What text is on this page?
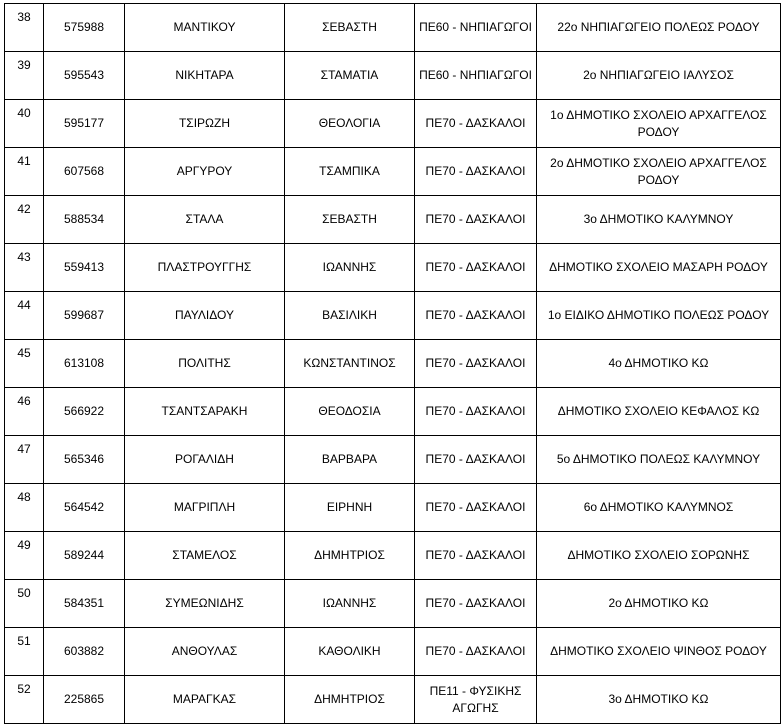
38	575988	ΜΑΝΤΙΚΟΥ	ΣΕΒΑΣΤΗ	ΠΕ60 - ΝΗΠΙΑΓΩΓΟΙ	22ο ΝΗΠΙΑΓΩΓΕΙΟ ΠΟΛΕΩΣ ΡΟΔΟΥ
39	595543	ΝΙΚΗΤΑΡΑ	ΣΤΑΜΑΤΙΑ	ΠΕ60 - ΝΗΠΙΑΓΩΓΟΙ	2ο ΝΗΠΙΑΓΩΓΕΙΟ ΙΑΛΥΣΟΣ
40	595177	ΤΣΙΡΩΖΗ	ΘΕΟΛΟΓΙΑ	ΠΕ70 - ΔΑΣΚΑΛΟΙ	1ο ΔΗΜΟΤΙΚΟ ΣΧΟΛΕΙΟ ΑΡΧΑΓΓΕΛΟΣ ΡΟΔΟΥ
41	607568	ΑΡΓΥΡΟΥ	ΤΣΑΜΠΙΚΑ	ΠΕ70 - ΔΑΣΚΑΛΟΙ	2ο ΔΗΜΟΤΙΚΟ ΣΧΟΛΕΙΟ ΑΡΧΑΓΓΕΛΟΣ ΡΟΔΟΥ
42	588534	ΣΤΑΛΑ	ΣΕΒΑΣΤΗ	ΠΕ70 - ΔΑΣΚΑΛΟΙ	3ο ΔΗΜΟΤΙΚΟ ΚΑΛΥΜΝΟΥ
43	559413	ΠΛΑΣΤΡΟΥΓΓΗΣ	ΙΩΑΝΝΗΣ	ΠΕ70 - ΔΑΣΚΑΛΟΙ	ΔΗΜΟΤΙΚΟ ΣΧΟΛΕΙΟ ΜΑΣΑΡΗ ΡΟΔΟΥ
44	599687	ΠΑΥΛΙΔΟΥ	ΒΑΣΙΛΙΚΗ	ΠΕ70 - ΔΑΣΚΑΛΟΙ	1ο ΕΙΔΙΚΟ ΔΗΜΟΤΙΚΟ ΠΟΛΕΩΣ ΡΟΔΟΥ
45	613108	ΠΟΛΙΤΗΣ	ΚΩΝΣΤΑΝΤΙΝΟΣ	ΠΕ70 - ΔΑΣΚΑΛΟΙ	4ο ΔΗΜΟΤΙΚΟ ΚΩ
46	566922	ΤΣΑΝΤΣΑΡΑΚΗ	ΘΕΟΔΟΣΙΑ	ΠΕ70 - ΔΑΣΚΑΛΟΙ	ΔΗΜΟΤΙΚΟ ΣΧΟΛΕΙΟ ΚΕΦΑΛΟΣ ΚΩ
47	565346	ΡΟΓΑΛΙΔΗ	ΒΑΡΒΑΡΑ	ΠΕ70 - ΔΑΣΚΑΛΟΙ	5ο ΔΗΜΟΤΙΚΟ ΠΟΛΕΩΣ ΚΑΛΥΜΝΟΥ
48	564542	ΜΑΓΡΙΠΛΗ	ΕΙΡΗΝΗ	ΠΕ70 - ΔΑΣΚΑΛΟΙ	6ο ΔΗΜΟΤΙΚΟ ΚΑΛΥΜΝΟΣ
49	589244	ΣΤΑΜΕΛΟΣ	ΔΗΜΗΤΡΙΟΣ	ΠΕ70 - ΔΑΣΚΑΛΟΙ	ΔΗΜΟΤΙΚΟ ΣΧΟΛΕΙΟ ΣΟΡΩΝΗΣ
50	584351	ΣΥΜΕΩΝΙΔΗΣ	ΙΩΑΝΝΗΣ	ΠΕ70 - ΔΑΣΚΑΛΟΙ	2ο ΔΗΜΟΤΙΚΟ ΚΩ
51	603882	ΑΝΘΟΥΛΑΣ	ΚΑΘΟΛΙΚΗ	ΠΕ70 - ΔΑΣΚΑΛΟΙ	ΔΗΜΟΤΙΚΟ ΣΧΟΛΕΙΟ ΨΙΝΘΟΣ ΡΟΔΟΥ
52	225865	ΜΑΡΑΓΚΑΣ	ΔΗΜΗΤΡΙΟΣ	ΠΕ11 - ΦΥΣΙΚΗΣ ΑΓΩΓΗΣ	3ο ΔΗΜΟΤΙΚΟ ΚΩ
